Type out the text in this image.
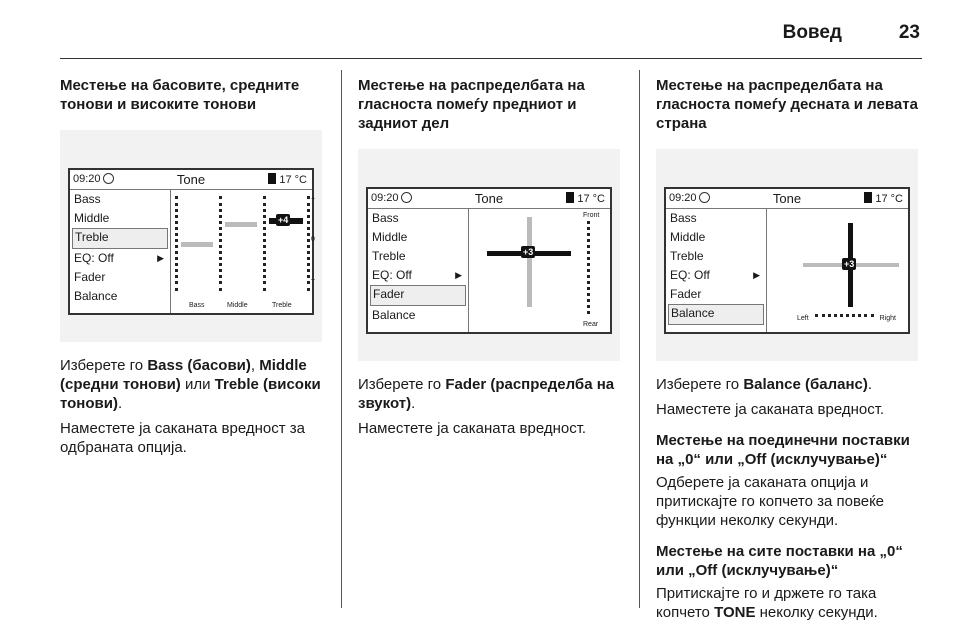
Вовед	23
Местење на басовите, средните тонови и високите тонови
09:20	Tone	17 °C
Bass
Middle
Treble
EQ: Off	▶
Fader
Balance
+4
+
0
–
Bass	Middle	Treble

Изберете го Bass (басови), Middle (средни тонови) или Treble (високи тонови).

Наместете ја саканата вредност за одбраната опција.

Местење на распределбата на гласноста помеѓу предниот и задниот дел
09:20	Tone	17 °C
Bass
Middle
Treble
EQ: Off	▶
Fader
Balance
+3
Front
Rear

Изберете го Fader (распределба на звукот).

Наместете ја саканата вредност.

Местење на распределбата на гласноста помеѓу десната и левата страна
09:20	Tone	17 °C
Bass
Middle
Treble
EQ: Off	▶
Fader
Balance
+3
Left	Right

Изберете го Balance (баланс).

Наместете ја саканата вредност.

Местење на поединечни поставки на „0“ или „Off (исклучување)“

Одберете ја саканата опција и притискајте го копчето за повеќе функции неколку секунди.

Местење на сите поставки на „0“ или „Off (исклучување)“

Притискајте го и држете го така копчето TONE неколку секунди.
